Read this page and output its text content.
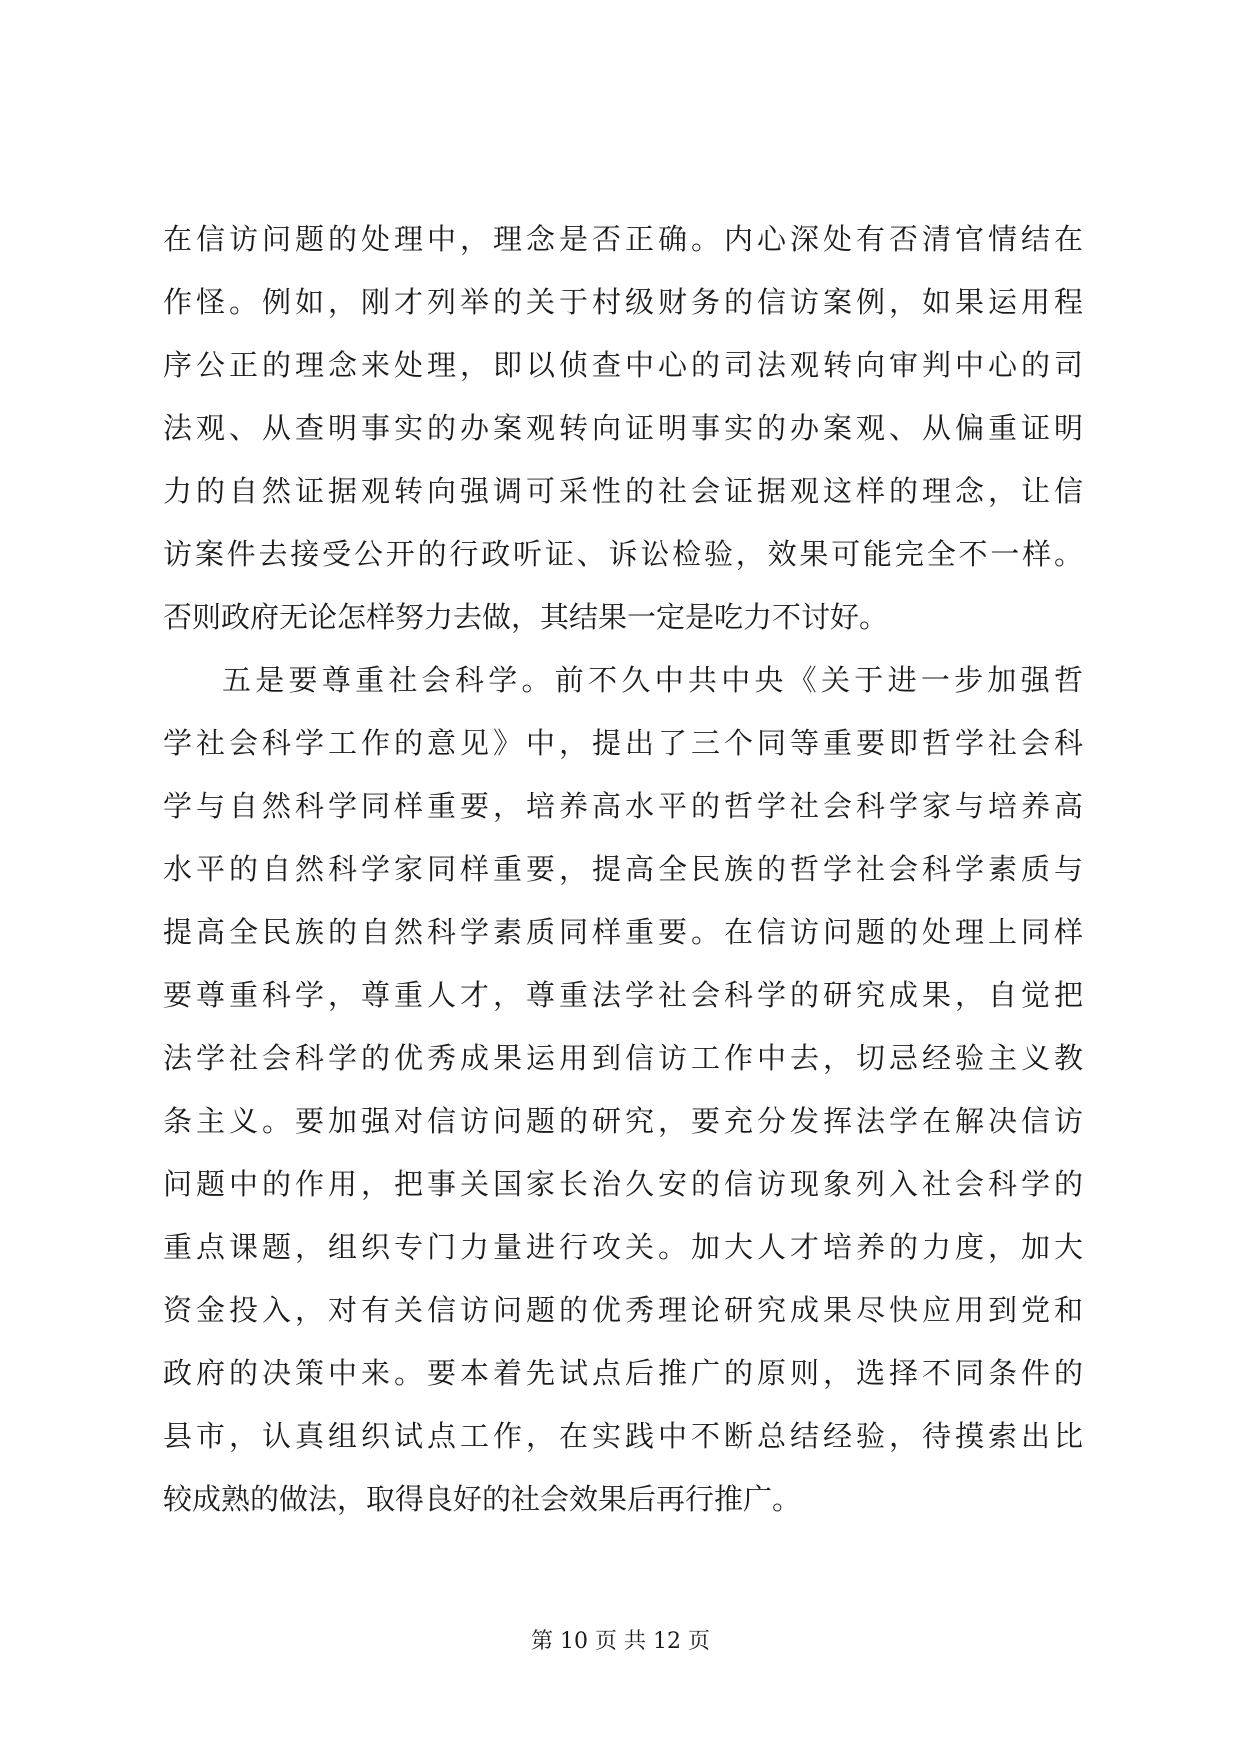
在信访问题的处理中，理念是否正确。内心深处有否清官情结在
作怪。例如，刚才列举的关于村级财务的信访案例，如果运用程
序公正的理念来处理，即以侦查中心的司法观转向审判中心的司
法观、从查明事实的办案观转向证明事实的办案观、从偏重证明
力的自然证据观转向强调可采性的社会证据观这样的理念，让信
访案件去接受公开的行政听证、诉讼检验，效果可能完全不一样。
否则政府无论怎样努力去做，其结果一定是吃力不讨好。
五是要尊重社会科学。前不久中共中央《关于进一步加强哲
学社会科学工作的意见》中，提出了三个同等重要即哲学社会科
学与自然科学同样重要，培养高水平的哲学社会科学家与培养高
水平的自然科学家同样重要，提高全民族的哲学社会科学素质与
提高全民族的自然科学素质同样重要。在信访问题的处理上同样
要尊重科学，尊重人才，尊重法学社会科学的研究成果，自觉把
法学社会科学的优秀成果运用到信访工作中去，切忌经验主义教
条主义。要加强对信访问题的研究，要充分发挥法学在解决信访
问题中的作用，把事关国家长治久安的信访现象列入社会科学的
重点课题，组织专门力量进行攻关。加大人才培养的力度，加大
资金投入，对有关信访问题的优秀理论研究成果尽快应用到党和
政府的决策中来。要本着先试点后推广的原则，选择不同条件的
县市，认真组织试点工作，在实践中不断总结经验，待摸索出比
较成熟的做法，取得良好的社会效果后再行推广。
第 10 页 共 12 页
